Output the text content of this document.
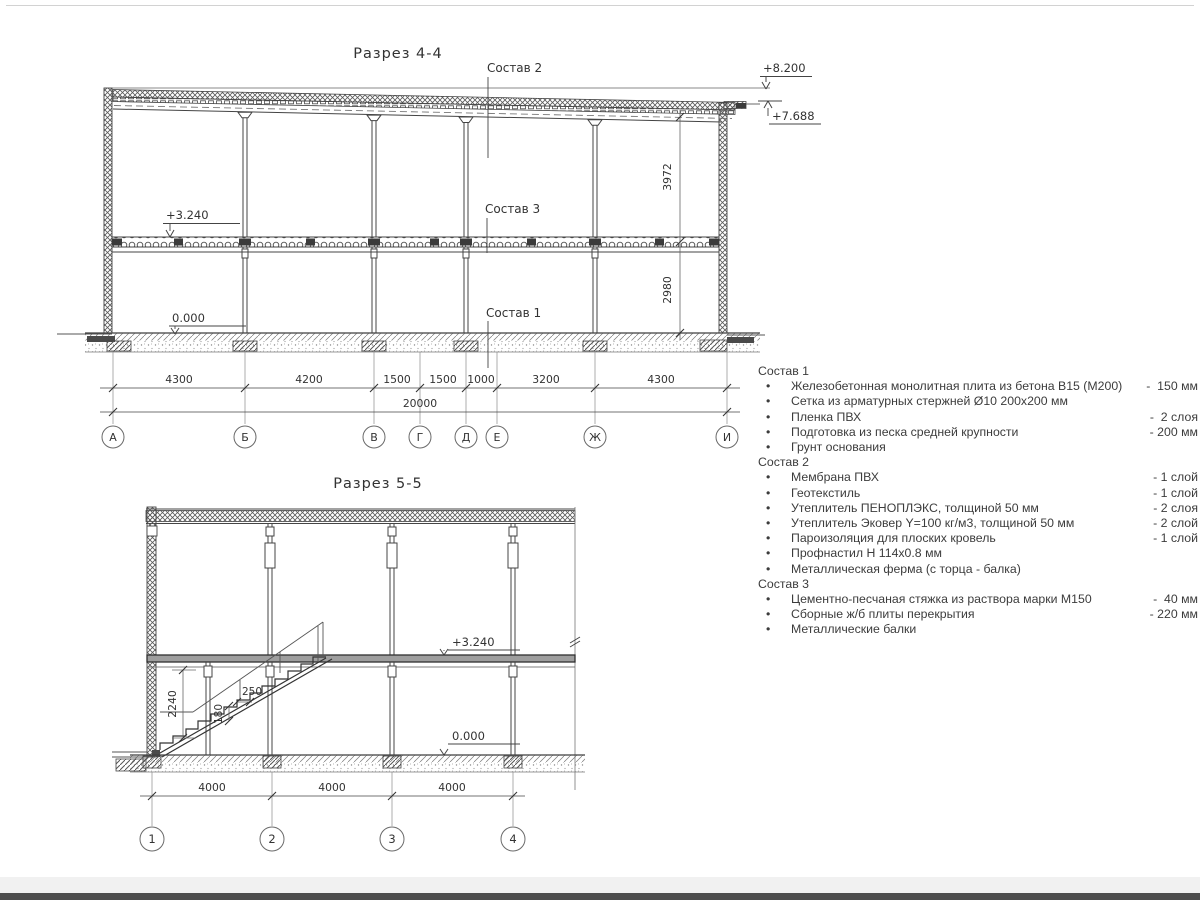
Разрез 4-4
Состав 2
Состав 3
Состав 1
+8.200
+7.688
+3.240
0.000
3972
2980
4300	4200	1500 1500 1000	3200	4300
20000
А	Б	В	Г	Д Е	Ж	И
Разрез 5-5
2240	250
180
+3.240
0.000
4000	4000	4000
1	2	3	4
Состав 1
• Железобетонная монолитная плита из бетона В15 (М200)	-  150 мм
• Сетка из арматурных стержней Ø10 200х200 мм
• Пленка ПВХ	-  2 слоя
• Подготовка из песка средней крупности	- 200 мм
• Грунт основания
Состав 2
• Мембрана ПВХ	- 1 слой
• Геотекстиль	- 1 слой
• Утеплитель ПЕНОПЛЭКС, толщиной 50 мм	- 2 слоя
• Утеплитель Эковер Y=100 кг/м3, толщиной 50 мм	- 2 слой
• Пароизоляция для плоских кровель	- 1 слой
• Профнастил Н 114х0.8 мм
• Металлическая ферма (с торца - балка)
Состав 3
• Цементно-песчаная стяжка из раствора марки М150	-  40 мм
• Сборные ж/б плиты перекрытия	- 220 мм
• Металлические балки
